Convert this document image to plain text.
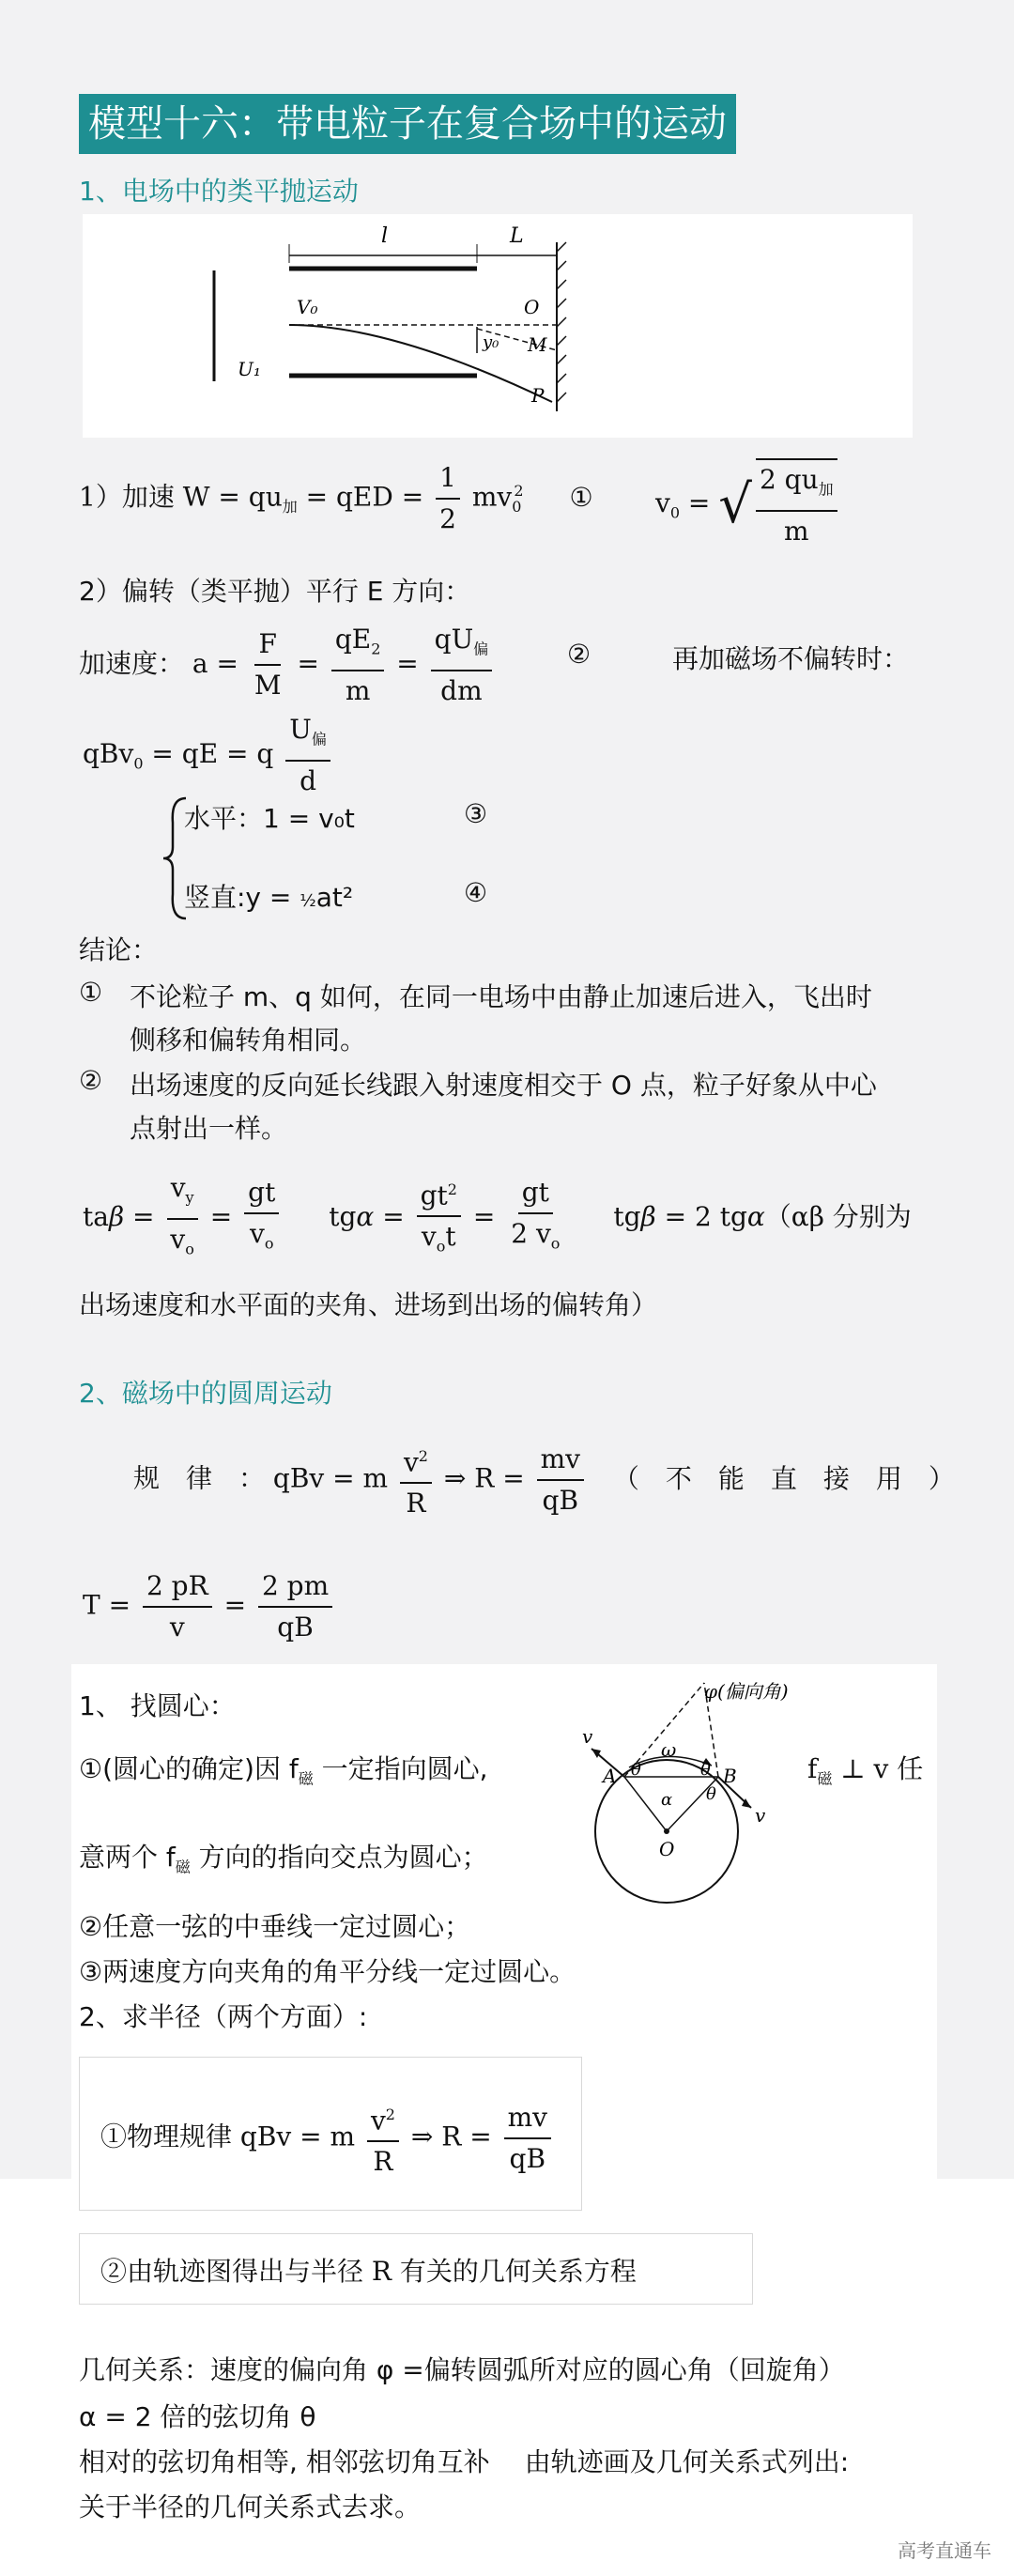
模型十六：带电粒子在复合场中的运动
1、电场中的类平抛运动
l	L
V₀	O
y₀ M
P
U₁
1）加速 $W = qu_加$ = qED = $\frac{1}{2} mv_0^2$ ① $v_0$ = √ $\frac{2 qu_加}{m}$
2）偏转（类平抛）平行 E 方向：
加速度： $a = \frac{F}{M} = \frac{qE_2}{m} = \frac{qU_偏}{dm}$	②	再加磁场不偏转时：
qBv$_0$ = qE = q $\frac{U_偏}{d}$
水平：1 = v₀t	③
竖直:y = ½at²	④
结论：
① 不论粒子 m、q 如何，在同一电场中由静止加速后进入，飞出时
侧移和偏转角相同。
② 出场速度的反向延长线跟入射速度相交于 O 点，粒子好象从中心
点射出一样。
$ta\beta = \frac{v_y}{v_o} = \frac{gt}{v_o}$ $tg\alpha = \frac{gt^2}{v_ot} = \frac{gt}{2 v_o}$ tgβ = 2 tgα（αβ 分别为
出场速度和水平面的夹角、进场到出场的偏转角）
2、磁场中的圆周运动
规　律　： qBv = m $\frac{v^2}{R}$ ⇒ $R = \frac{mv}{qB}$ （　不　能　直　接　用　）
$T = \frac{2 pR}{v} = \frac{2 pm}{qB}$
1、 找圆心：
①(圆心的确定)因 $f_磁$ 一定指向圆心,	$f_磁$ ⊥ v 任
意两个 $f_磁$ 方向的指向交点为圆心；
φ(偏向角)
v
ω
A	B
θ	θ
θ
α
O
v
②任意一弦的中垂线一定过圆心；
③两速度方向夹角的角平分线一定过圆心。
2、求半径（两个方面）:
①物理规律 qBv = m $\frac{v^2}{R}$ ⇒ $R = \frac{mv}{qB}$
②由轨迹图得出与半径 R 有关的几何关系方程
几何关系：速度的偏向角 φ =偏转圆弧所对应的圆心角（回旋角）
α = 2 倍的弦切角 θ
相对的弦切角相等, 相邻弦切角互补　 由轨迹画及几何关系式列出:
关于半径的几何关系式去求。
高考直通车
